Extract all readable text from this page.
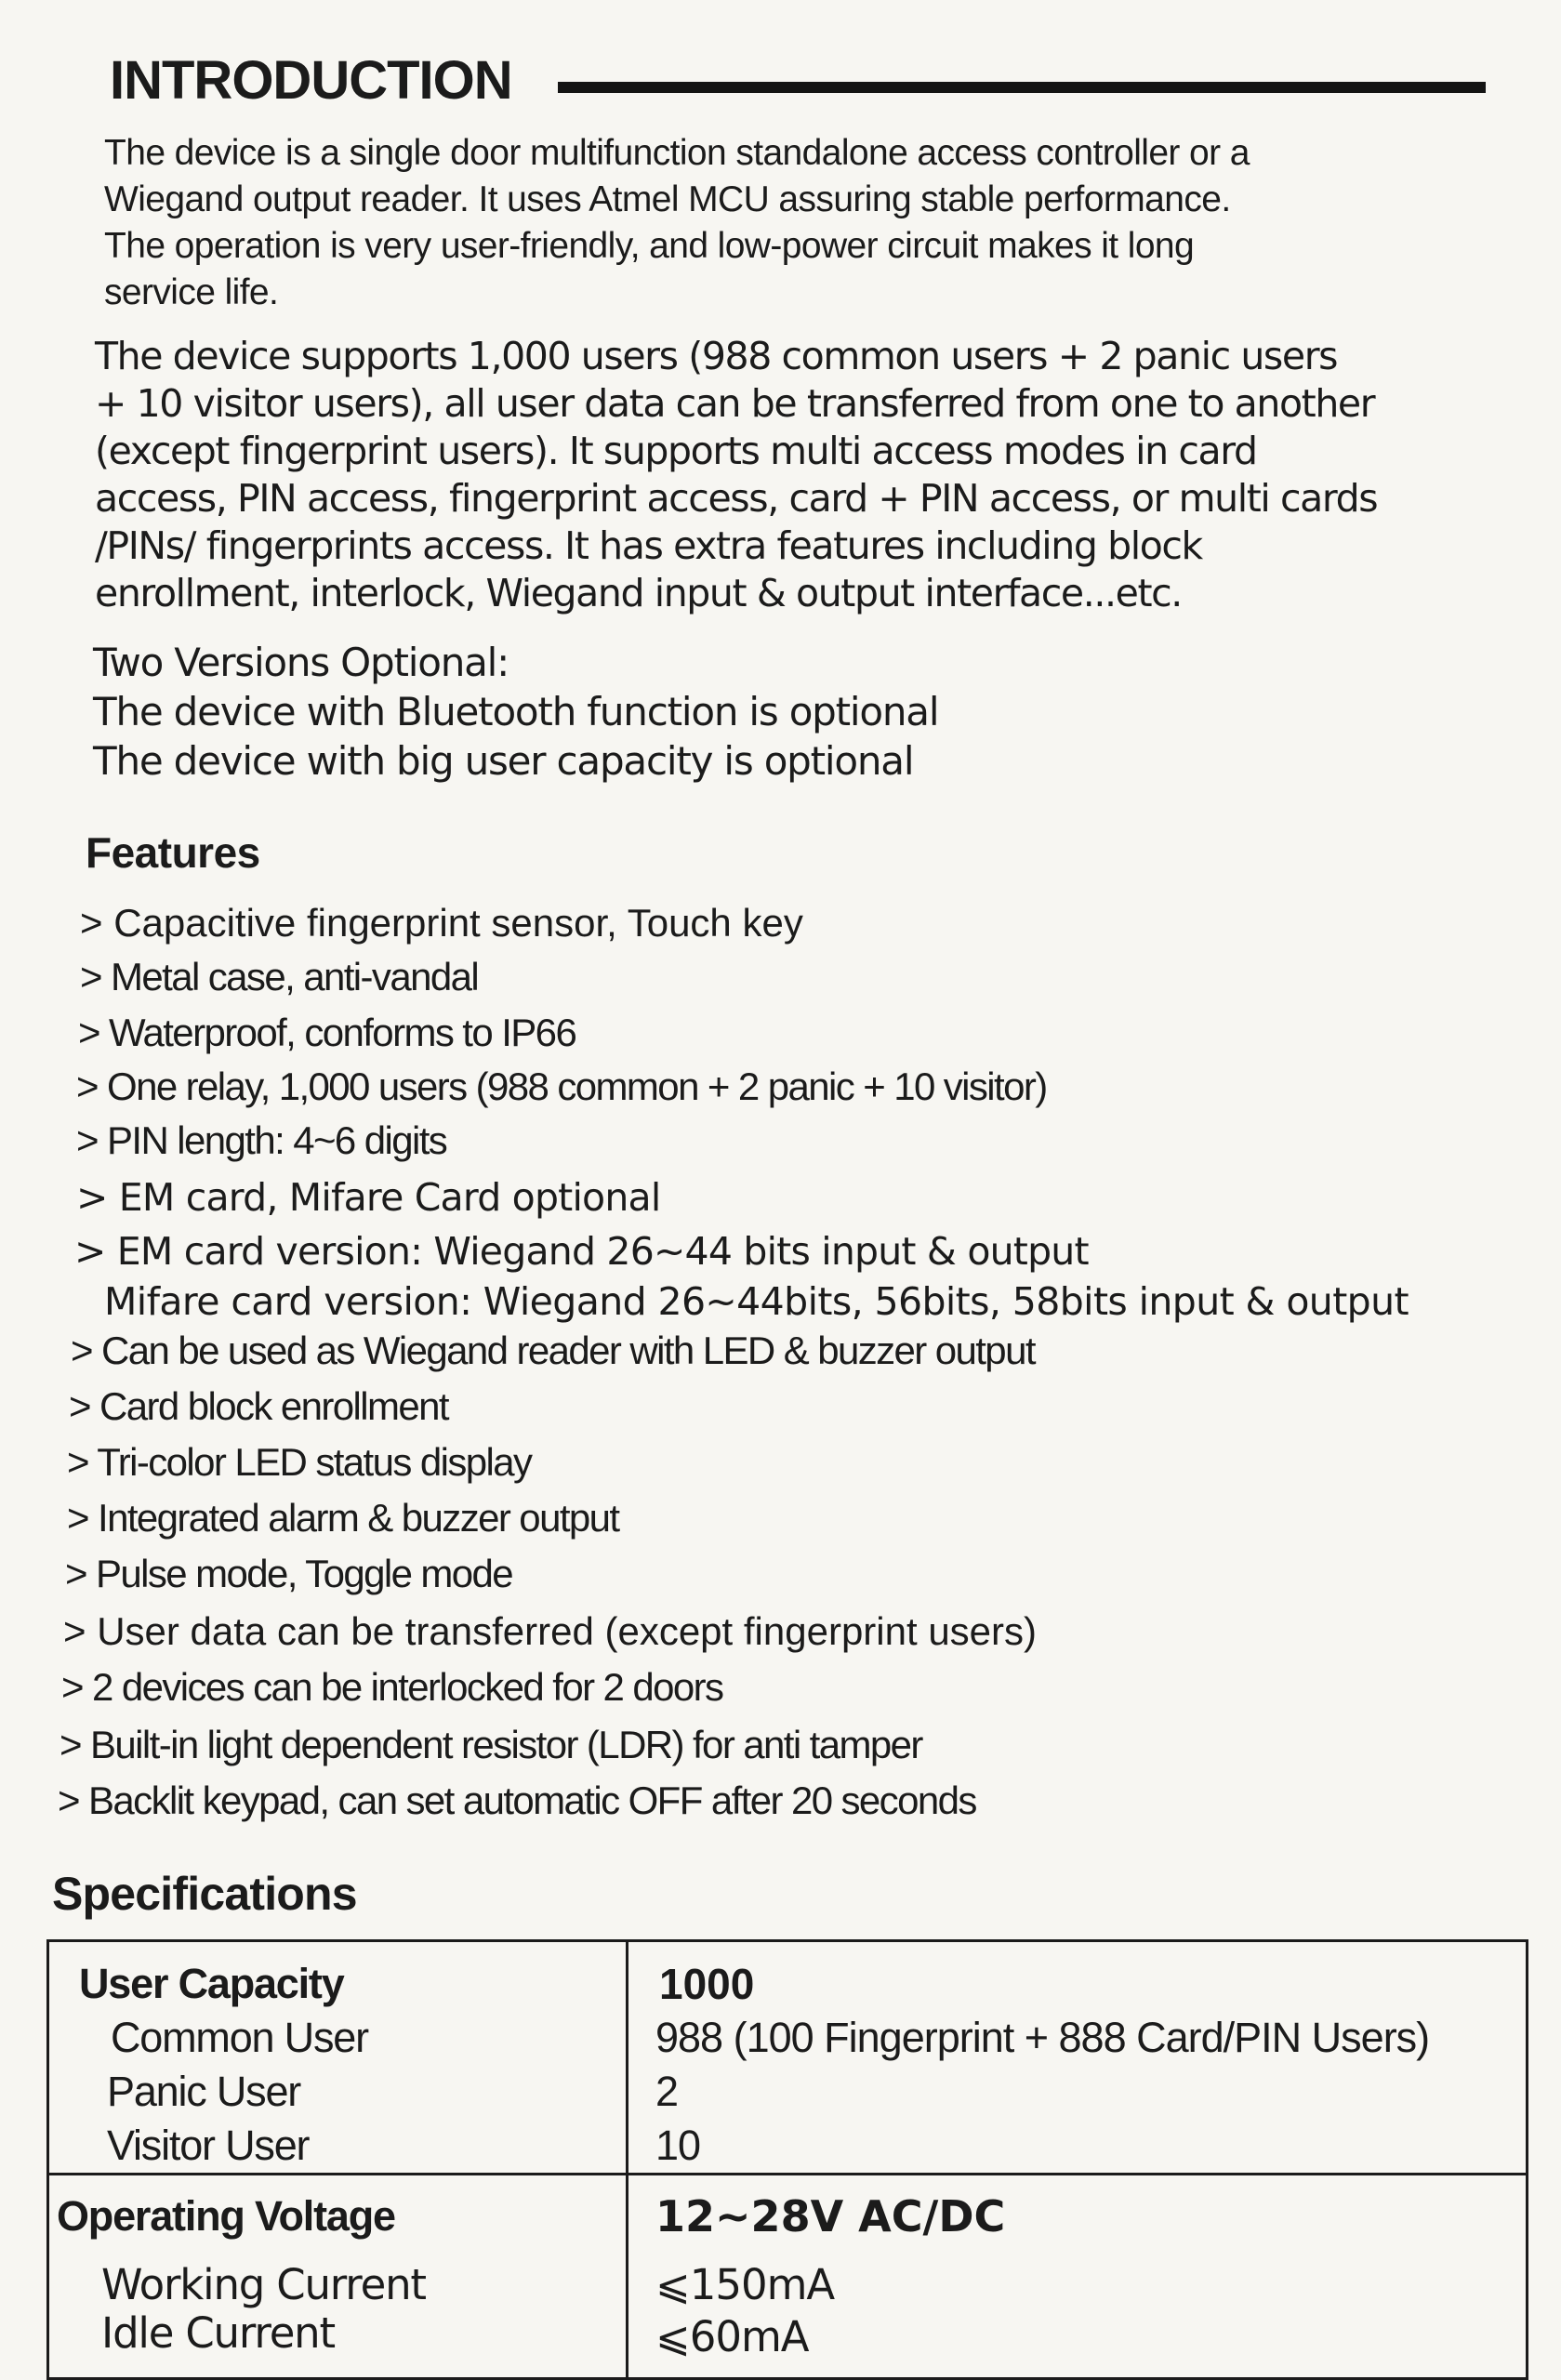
INTRODUCTION

The device is a single door multifunction standalone access controller or a
Wiegand output reader. It uses Atmel MCU assuring stable performance.
The operation is very user-friendly, and low-power circuit makes it long
service life.

The device supports 1,000 users (988 common users + 2 panic users
+ 10 visitor users), all user data can be transferred from one to another
(except fingerprint users). It supports multi access modes in card
access, PIN access, fingerprint access, card + PIN access, or multi cards
/PINs/ fingerprints access. It has extra features including block
enrollment, interlock, Wiegand input & output interface...etc.

Two Versions Optional:
The device with Bluetooth function is optional
The device with big user capacity is optional

Features
> Capacitive fingerprint sensor, Touch key
> Metal case, anti-vandal
> Waterproof, conforms to IP66
> One relay, 1,000 users (988 common + 2 panic + 10 visitor)
> PIN length: 4~6 digits
> EM card, Mifare Card optional
> EM card version: Wiegand 26~44 bits input & output
Mifare card version: Wiegand 26~44bits, 56bits, 58bits input & output
> Can be used as Wiegand reader with LED & buzzer output
> Card block enrollment
> Tri-color LED status display
> Integrated alarm & buzzer output
> Pulse mode, Toggle mode
> User data can be transferred (except fingerprint users)
> 2 devices can be interlocked for 2 doors
> Built-in light dependent resistor (LDR) for anti tamper
> Backlit keypad, can set automatic OFF after 20 seconds
Specifications
User Capacity	1000
Common User	988 (100 Fingerprint + 888 Card/PIN Users)
Panic User	2
Visitor User	10
Operating Voltage	12~28V AC/DC
Working Current	⩽150mA
Idle Current	⩽60mA
